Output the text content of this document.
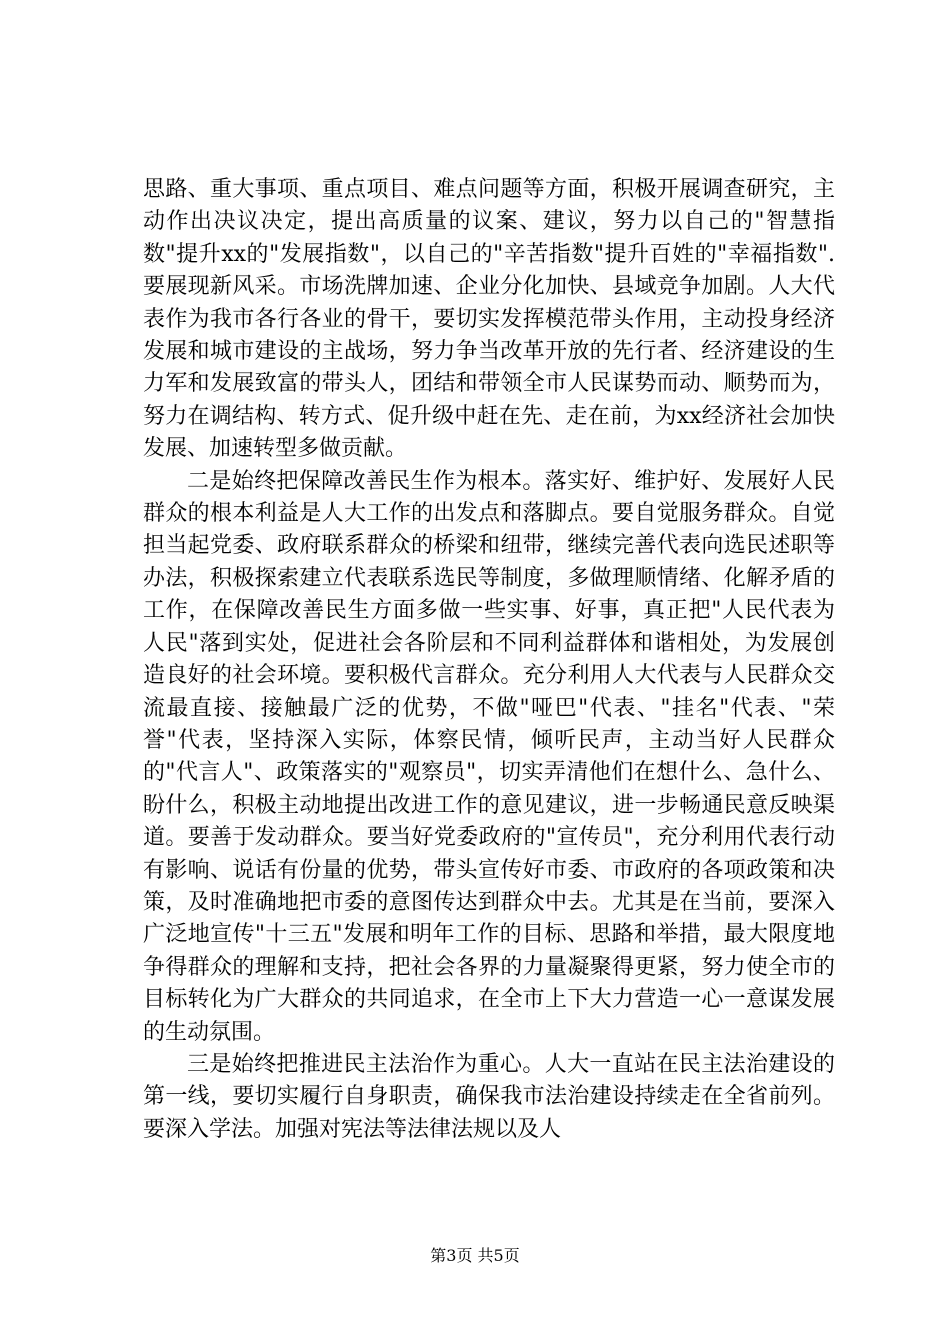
思路、重大事项、重点项目、难点问题等方面，积极开展调查研究，主动作出决议决定，提出高质量的议案、建议，努力以自己的"智慧指数"提升xx的"发展指数"，以自己的"辛苦指数"提升百姓的"幸福指数".要展现新风采。市场洗牌加速、企业分化加快、县域竞争加剧。人大代表作为我市各行各业的骨干，要切实发挥模范带头作用，主动投身经济发展和城市建设的主战场，努力争当改革开放的先行者、经济建设的生力军和发展致富的带头人，团结和带领全市人民谋势而动、顺势而为，努力在调结构、转方式、促升级中赶在先、走在前，为xx经济社会加快发展、加速转型多做贡献。

二是始终把保障改善民生作为根本。落实好、维护好、发展好人民群众的根本利益是人大工作的出发点和落脚点。要自觉服务群众。自觉担当起党委、政府联系群众的桥梁和纽带，继续完善代表向选民述职等办法，积极探索建立代表联系选民等制度，多做理顺情绪、化解矛盾的工作，在保障改善民生方面多做一些实事、好事，真正把"人民代表为人民"落到实处，促进社会各阶层和不同利益群体和谐相处，为发展创造良好的社会环境。要积极代言群众。充分利用人大代表与人民群众交流最直接、接触最广泛的优势，不做"哑巴"代表、"挂名"代表、"荣誉"代表，坚持深入实际，体察民情，倾听民声，主动当好人民群众的"代言人"、政策落实的"观察员"，切实弄清他们在想什么、急什么、盼什么，积极主动地提出改进工作的意见建议，进一步畅通民意反映渠道。要善于发动群众。要当好党委政府的"宣传员"，充分利用代表行动有影响、说话有份量的优势，带头宣传好市委、市政府的各项政策和决策，及时准确地把市委的意图传达到群众中去。尤其是在当前，要深入广泛地宣传"十三五"发展和明年工作的目标、思路和举措，最大限度地争得群众的理解和支持，把社会各界的力量凝聚得更紧，努力使全市的目标转化为广大群众的共同追求，在全市上下大力营造一心一意谋发展的生动氛围。

三是始终把推进民主法治作为重心。人大一直站在民主法治建设的第一线，要切实履行自身职责，确保我市法治建设持续走在全省前列。要深入学法。加强对宪法等法律法规以及人

第3页 共5页
